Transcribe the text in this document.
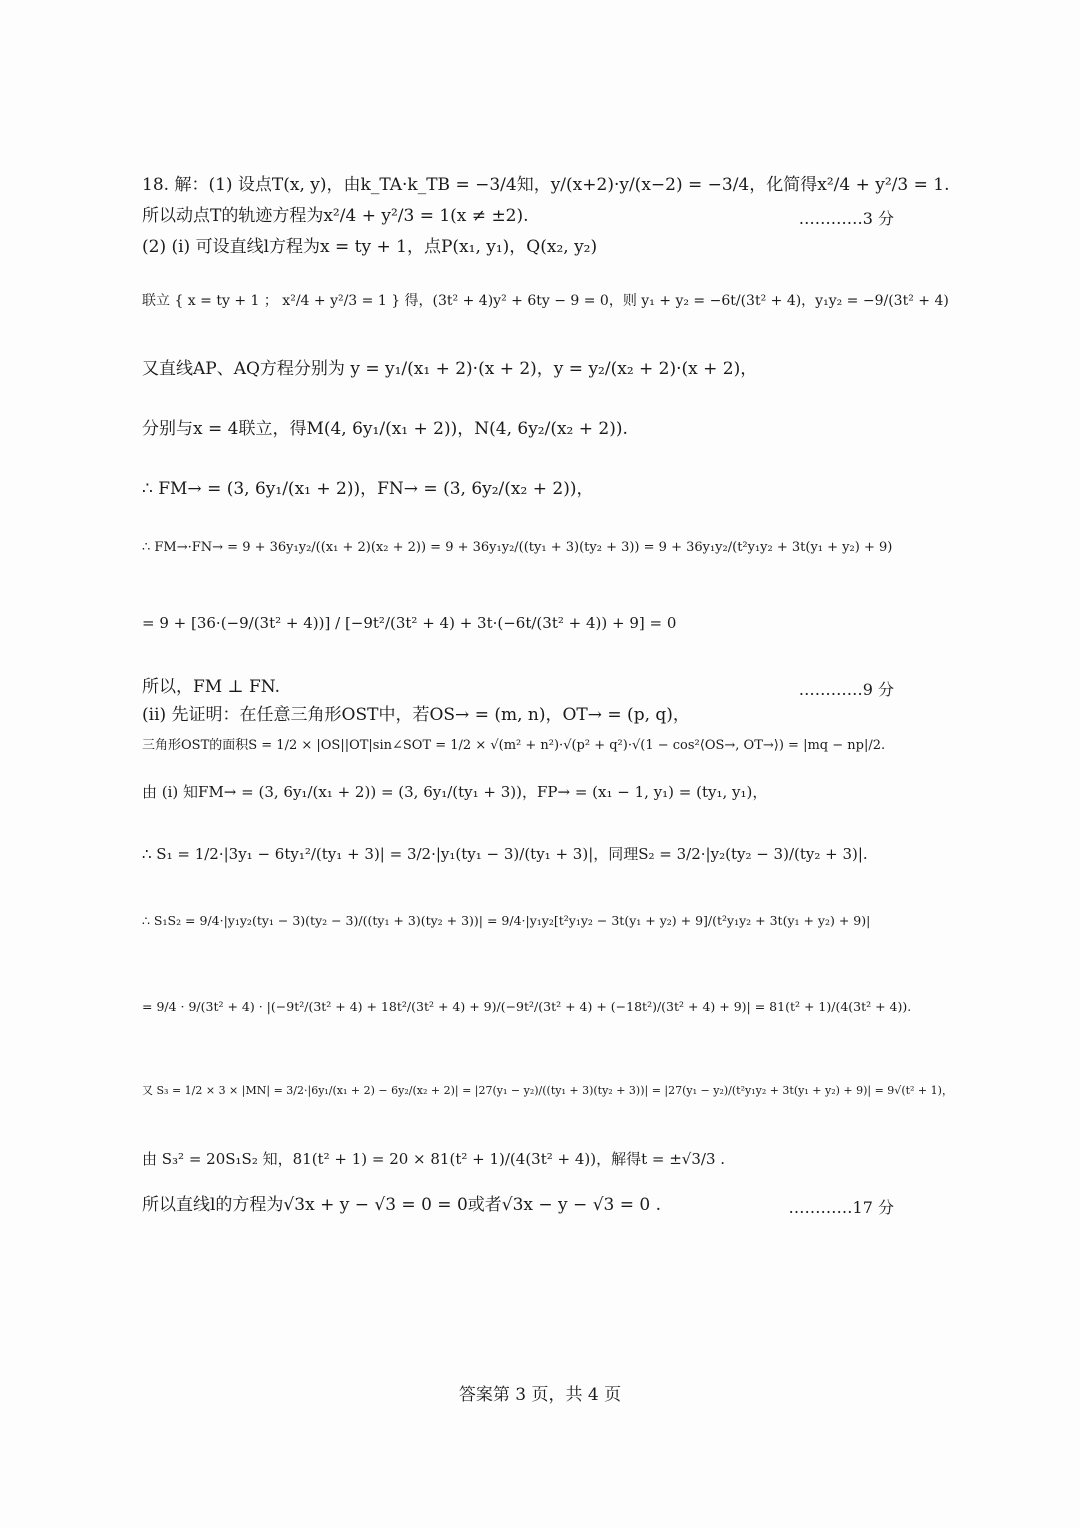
18. 解：(1) 设点T(x, y)，由k_TA·k_TB = −3/4知，y/(x+2)·y/(x−2) = −3/4，化简得x²/4 + y²/3 = 1.
所以动点T的轨迹方程为x²/4 + y²/3 = 1(x ≠ ±2).	…………3 分
(2) (i) 可设直线l方程为x = ty + 1，点P(x₁, y₁)，Q(x₂, y₂)
联立 { x = ty + 1 ； x²/4 + y²/3 = 1 } 得，(3t² + 4)y² + 6ty − 9 = 0，则 y₁ + y₂ = −6t/(3t² + 4)，y₁y₂ = −9/(3t² + 4)
又直线AP、AQ方程分别为 y = y₁/(x₁ + 2)·(x + 2)，y = y₂/(x₂ + 2)·(x + 2)，
分别与x = 4联立，得M(4, 6y₁/(x₁ + 2))，N(4, 6y₂/(x₂ + 2)).
∴ FM→ = (3, 6y₁/(x₁ + 2))，FN→ = (3, 6y₂/(x₂ + 2))，
∴ FM→·FN→ = 9 + 36y₁y₂/((x₁ + 2)(x₂ + 2)) = 9 + 36y₁y₂/((ty₁ + 3)(ty₂ + 3)) = 9 + 36y₁y₂/(t²y₁y₂ + 3t(y₁ + y₂) + 9)
= 9 + [36·(−9/(3t² + 4))] / [−9t²/(3t² + 4) + 3t·(−6t/(3t² + 4)) + 9] = 0
所以，FM ⊥ FN.	…………9 分
(ii) 先证明：在任意三角形OST中，若OS→ = (m, n)，OT→ = (p, q)，
三角形OST的面积S = 1/2 × |OS||OT|sin∠SOT = 1/2 × √(m² + n²)·√(p² + q²)·√(1 − cos²⟨OS→, OT→⟩) = |mq − np|/2.
由 (i) 知FM→ = (3, 6y₁/(x₁ + 2)) = (3, 6y₁/(ty₁ + 3))，FP→ = (x₁ − 1, y₁) = (ty₁, y₁)，
∴ S₁ = 1/2·|3y₁ − 6ty₁²/(ty₁ + 3)| = 3/2·|y₁(ty₁ − 3)/(ty₁ + 3)|，同理S₂ = 3/2·|y₂(ty₂ − 3)/(ty₂ + 3)|.
∴ S₁S₂ = 9/4·|y₁y₂(ty₁ − 3)(ty₂ − 3)/((ty₁ + 3)(ty₂ + 3))| = 9/4·|y₁y₂[t²y₁y₂ − 3t(y₁ + y₂) + 9]/(t²y₁y₂ + 3t(y₁ + y₂) + 9)|
= 9/4 · 9/(3t² + 4) · |(−9t²/(3t² + 4) + 18t²/(3t² + 4) + 9)/(−9t²/(3t² + 4) + (−18t²)/(3t² + 4) + 9)| = 81(t² + 1)/(4(3t² + 4)).
又 S₃ = 1/2 × 3 × |MN| = 3/2·|6y₁/(x₁ + 2) − 6y₂/(x₂ + 2)| = |27(y₁ − y₂)/((ty₁ + 3)(ty₂ + 3))| = |27(y₁ − y₂)/(t²y₁y₂ + 3t(y₁ + y₂) + 9)| = 9√(t² + 1)，
由 S₃² = 20S₁S₂ 知，81(t² + 1) = 20 × 81(t² + 1)/(4(3t² + 4))，解得t = ±√3/3 .
所以直线l的方程为√3x + y − √3 = 0 = 0或者√3x − y − √3 = 0 .	…………17 分
答案第 3 页，共 4 页
